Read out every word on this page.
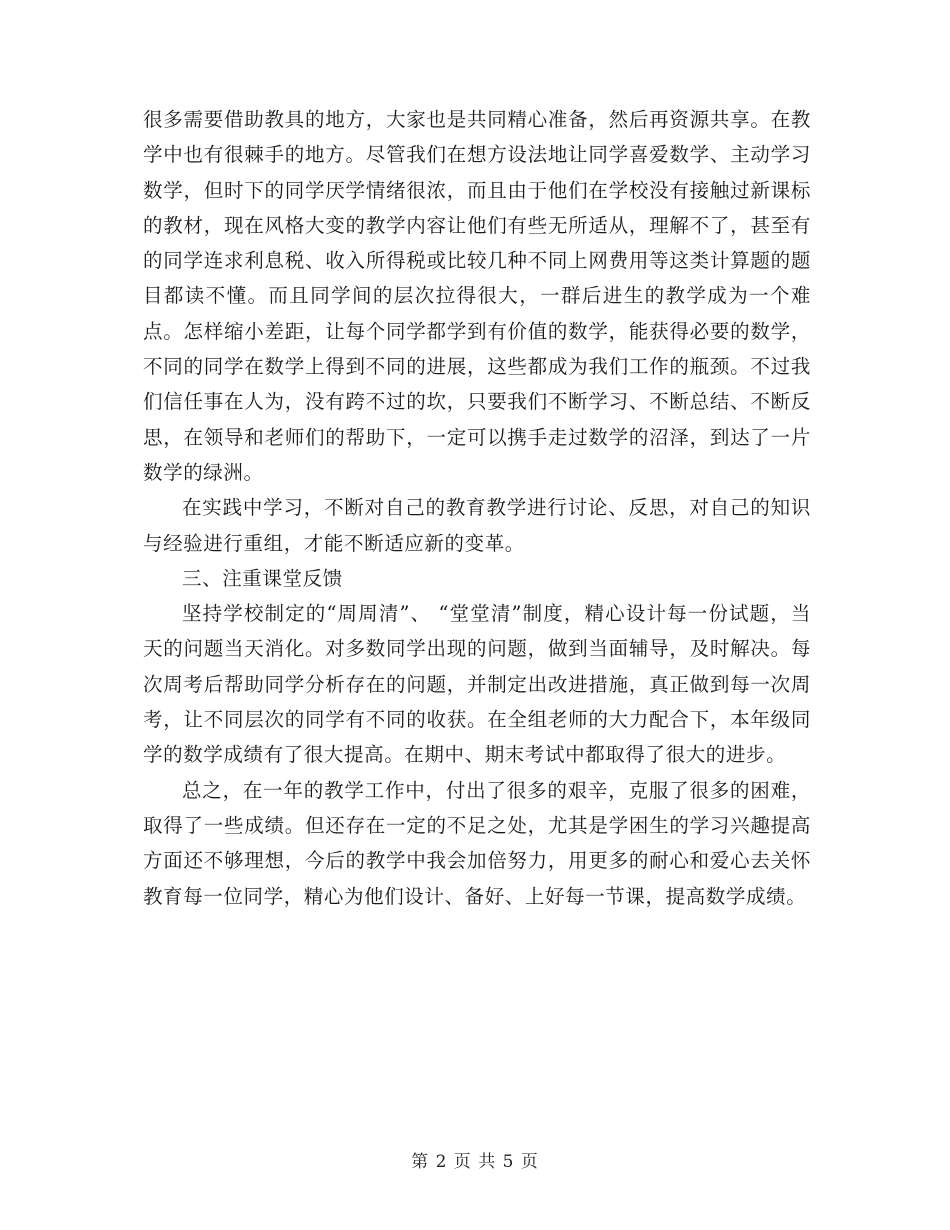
很多需要借助教具的地方，大家也是共同精心准备，然后再资源共享。在教学中也有很棘手的地方。尽管我们在想方设法地让同学喜爱数学、主动学习数学，但时下的同学厌学情绪很浓，而且由于他们在学校没有接触过新课标的教材，现在风格大变的教学内容让他们有些无所适从，理解不了，甚至有的同学连求利息税、收入所得税或比较几种不同上网费用等这类计算题的题目都读不懂。而且同学间的层次拉得很大，一群后进生的教学成为一个难点。怎样缩小差距，让每个同学都学到有价值的数学，能获得必要的数学，不同的同学在数学上得到不同的进展，这些都成为我们工作的瓶颈。不过我们信任事在人为，没有跨不过的坎，只要我们不断学习、不断总结、不断反思，在领导和老师们的帮助下，一定可以携手走过数学的沼泽，到达了一片数学的绿洲。

在实践中学习，不断对自己的教育教学进行讨论、反思，对自己的知识与经验进行重组，才能不断适应新的变革。

三、注重课堂反馈

坚持学校制定的“周周清”、 “堂堂清”制度，精心设计每一份试题，当天的问题当天消化。对多数同学出现的问题，做到当面辅导，及时解决。每次周考后帮助同学分析存在的问题，并制定出改进措施，真正做到每一次周考，让不同层次的同学有不同的收获。在全组老师的大力配合下，本年级同学的数学成绩有了很大提高。在期中、期末考试中都取得了很大的进步。

总之，在一年的教学工作中，付出了很多的艰辛，克服了很多的困难，取得了一些成绩。但还存在一定的不足之处，尤其是学困生的学习兴趣提高方面还不够理想，今后的教学中我会加倍努力，用更多的耐心和爱心去关怀教育每一位同学，精心为他们设计、备好、上好每一节课，提高数学成绩。

第 2 页 共 5 页
